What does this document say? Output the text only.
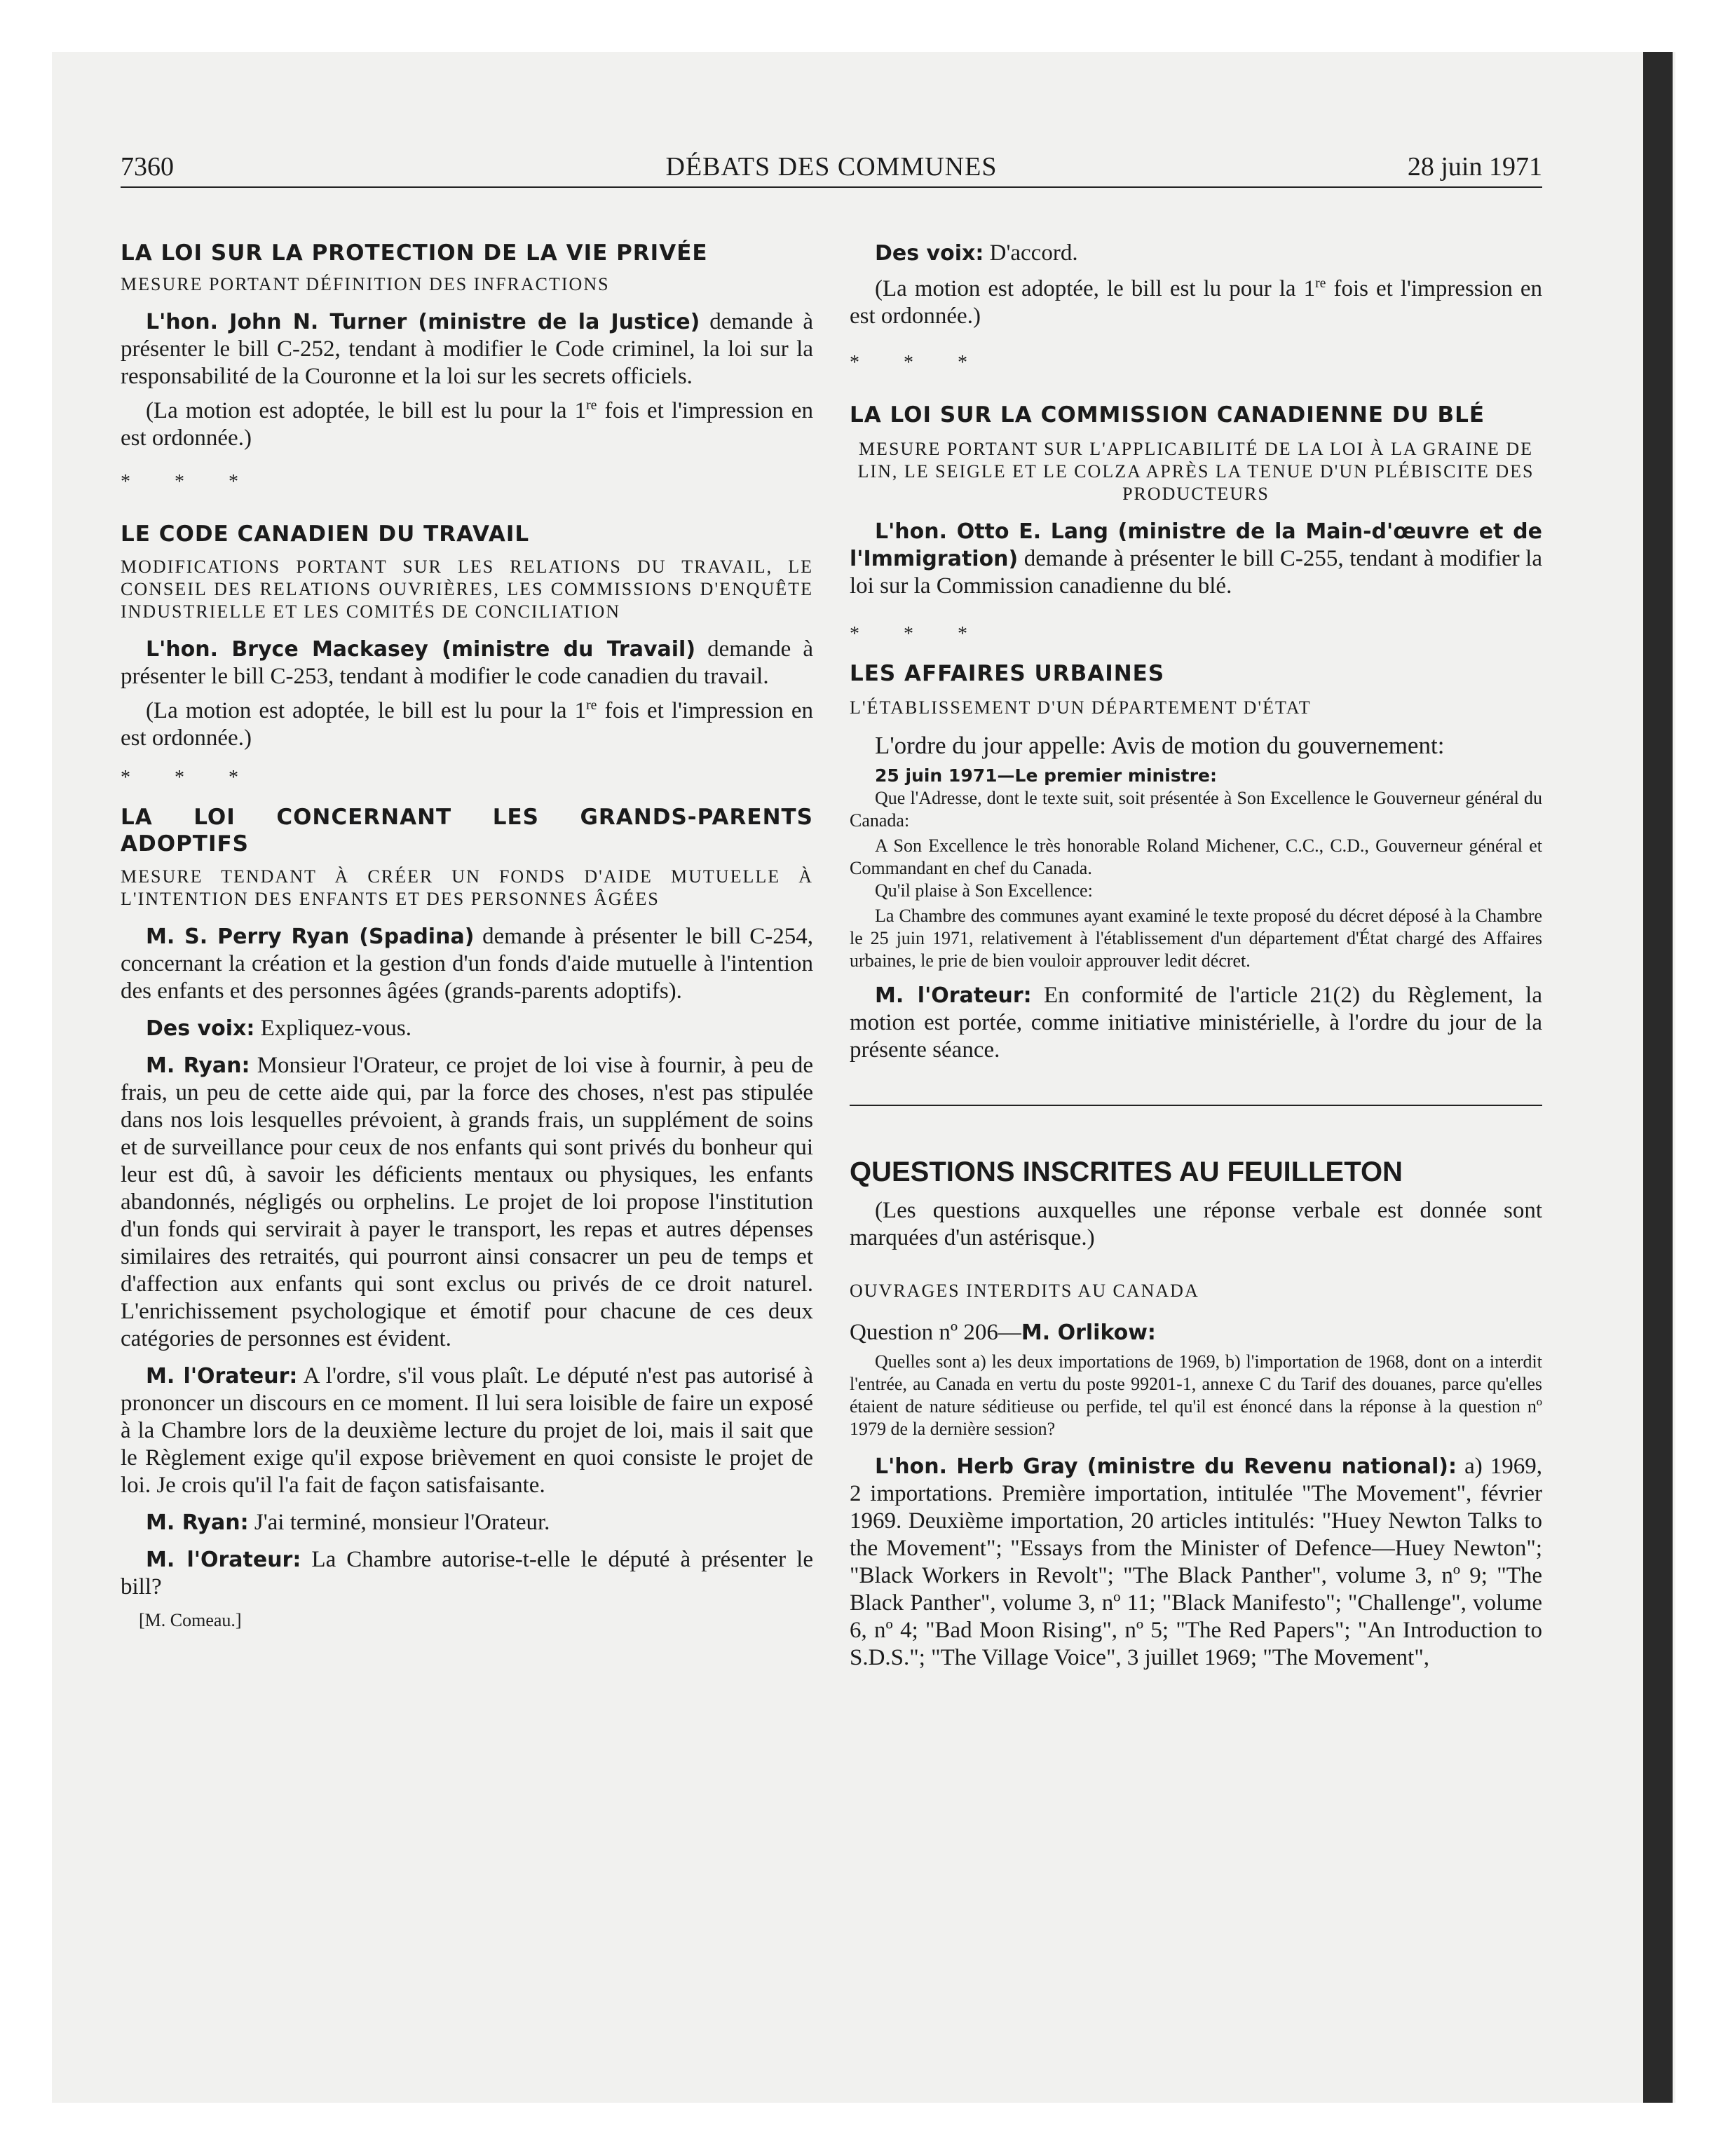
7360	DÉBATS DES COMMUNES	28 juin 1971

LA LOI SUR LA PROTECTION DE LA VIE PRIVÉE

MESURE PORTANT DÉFINITION DES INFRACTIONS

L'hon. John N. Turner (ministre de la Justice) demande à présenter le bill C-252, tendant à modifier le Code criminel, la loi sur la responsabilité de la Couronne et la loi sur les secrets officiels.

(La motion est adoptée, le bill est lu pour la 1re fois et l'impression en est ordonnée.)

* * *

LE CODE CANADIEN DU TRAVAIL

MODIFICATIONS PORTANT SUR LES RELATIONS DU TRAVAIL, LE CONSEIL DES RELATIONS OUVRIÈRES, LES COMMISSIONS D'ENQUÊTE INDUSTRIELLE ET LES COMITÉS DE CONCILIATION

L'hon. Bryce Mackasey (ministre du Travail) demande à présenter le bill C-253, tendant à modifier le code canadien du travail.

(La motion est adoptée, le bill est lu pour la 1re fois et l'impression en est ordonnée.)

* * *

LA LOI CONCERNANT LES GRANDS-PARENTS ADOPTIFS

MESURE TENDANT À CRÉER UN FONDS D'AIDE MUTUELLE À L'INTENTION DES ENFANTS ET DES PERSONNES ÂGÉES

M. S. Perry Ryan (Spadina) demande à présenter le bill C-254, concernant la création et la gestion d'un fonds d'aide mutuelle à l'intention des enfants et des personnes âgées (grands-parents adoptifs).

Des voix: Expliquez-vous.

M. Ryan: Monsieur l'Orateur, ce projet de loi vise à fournir, à peu de frais, un peu de cette aide qui, par la force des choses, n'est pas stipulée dans nos lois lesquelles prévoient, à grands frais, un supplément de soins et de surveillance pour ceux de nos enfants qui sont privés du bonheur qui leur est dû, à savoir les déficients mentaux ou physiques, les enfants abandonnés, négligés ou orphelins. Le projet de loi propose l'institution d'un fonds qui servirait à payer le transport, les repas et autres dépenses similaires des retraités, qui pourront ainsi consacrer un peu de temps et d'affection aux enfants qui sont exclus ou privés de ce droit naturel. L'enrichissement psychologique et émotif pour chacune de ces deux catégories de personnes est évident.

M. l'Orateur: A l'ordre, s'il vous plaît. Le député n'est pas autorisé à prononcer un discours en ce moment. Il lui sera loisible de faire un exposé à la Chambre lors de la deuxième lecture du projet de loi, mais il sait que le Règlement exige qu'il expose brièvement en quoi consiste le projet de loi. Je crois qu'il l'a fait de façon satisfaisante.

M. Ryan: J'ai terminé, monsieur l'Orateur.

M. l'Orateur: La Chambre autorise-t-elle le député à présenter le bill?

[M. Comeau.]

Des voix: D'accord.

(La motion est adoptée, le bill est lu pour la 1re fois et l'impression en est ordonnée.)

* * *

LA LOI SUR LA COMMISSION CANADIENNE DU BLÉ

MESURE PORTANT SUR L'APPLICABILITÉ DE LA LOI À LA GRAINE DE LIN, LE SEIGLE ET LE COLZA APRÈS LA TENUE D'UN PLÉBISCITE DES PRODUCTEURS

L'hon. Otto E. Lang (ministre de la Main-d'œuvre et de l'Immigration) demande à présenter le bill C-255, tendant à modifier la loi sur la Commission canadienne du blé.

* * *

LES AFFAIRES URBAINES

L'ÉTABLISSEMENT D'UN DÉPARTEMENT D'ÉTAT

L'ordre du jour appelle: Avis de motion du gouvernement:

25 juin 1971—Le premier ministre:

Que l'Adresse, dont le texte suit, soit présentée à Son Excellence le Gouverneur général du Canada:

A Son Excellence le très honorable Roland Michener, C.C., C.D., Gouverneur général et Commandant en chef du Canada.

Qu'il plaise à Son Excellence:

La Chambre des communes ayant examiné le texte proposé du décret déposé à la Chambre le 25 juin 1971, relativement à l'établissement d'un département d'État chargé des Affaires urbaines, le prie de bien vouloir approuver ledit décret.

M. l'Orateur: En conformité de l'article 21(2) du Règlement, la motion est portée, comme initiative ministérielle, à l'ordre du jour de la présente séance.

QUESTIONS INSCRITES AU FEUILLETON

(Les questions auxquelles une réponse verbale est donnée sont marquées d'un astérisque.)

OUVRAGES INTERDITS AU CANADA

Question nº 206—M. Orlikow:

Quelles sont a) les deux importations de 1969, b) l'importation de 1968, dont on a interdit l'entrée, au Canada en vertu du poste 99201-1, annexe C du Tarif des douanes, parce qu'elles étaient de nature séditieuse ou perfide, tel qu'il est énoncé dans la réponse à la question nº 1979 de la dernière session?

L'hon. Herb Gray (ministre du Revenu national): a) 1969, 2 importations. Première importation, intitulée "The Movement", février 1969. Deuxième importation, 20 articles intitulés: "Huey Newton Talks to the Movement"; "Essays from the Minister of Defence—Huey Newton"; "Black Workers in Revolt"; "The Black Panther", volume 3, nº 9; "The Black Panther", volume 3, nº 11; "Black Manifesto"; "Challenge", volume 6, nº 4; "Bad Moon Rising", nº 5; "The Red Papers"; "An Introduction to S.D.S."; "The Village Voice", 3 juillet 1969; "The Movement",
